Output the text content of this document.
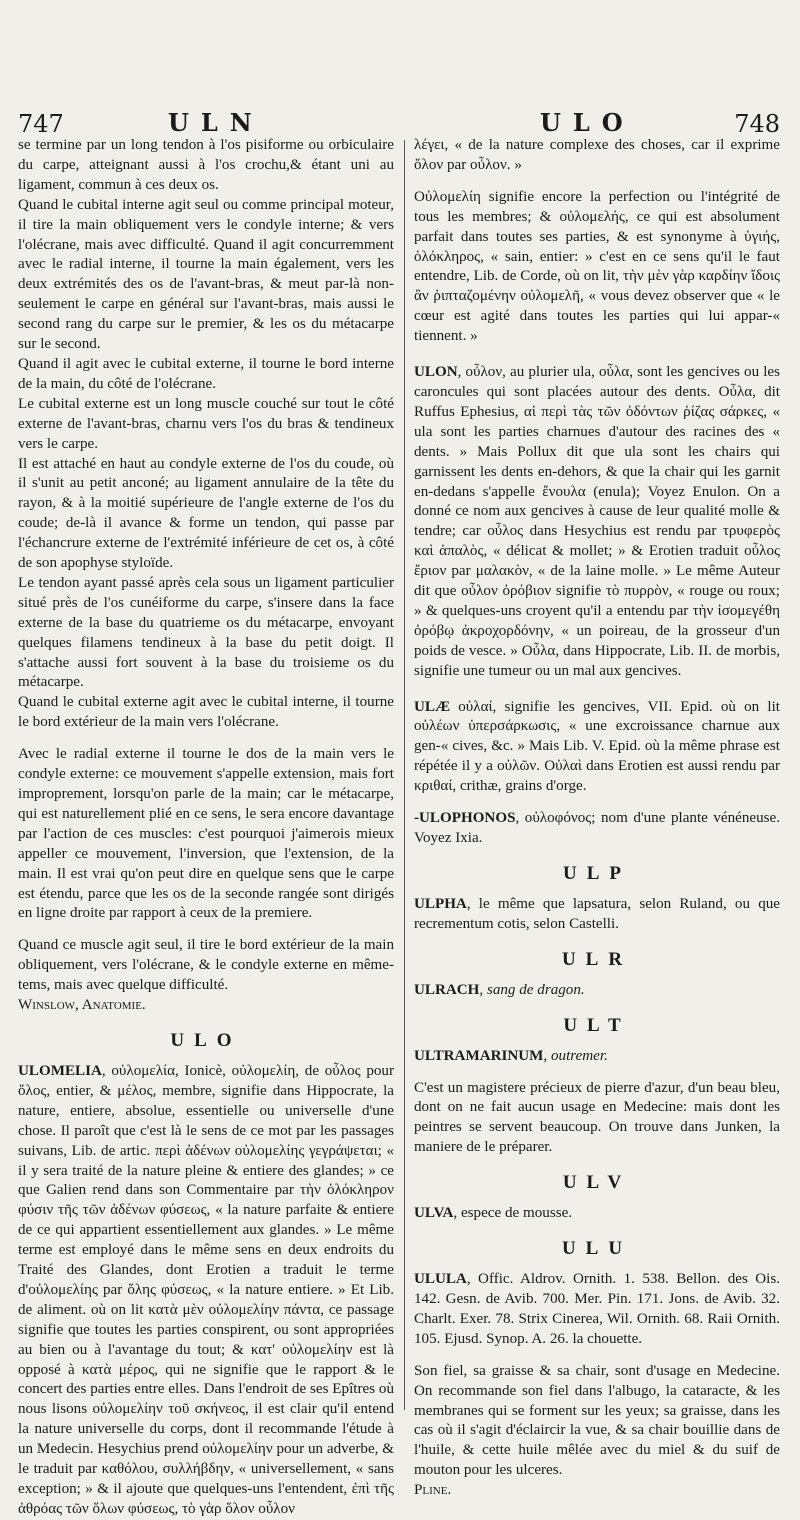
747	ULN	ULO	748

se termine par un long tendon à l'os pisiforme ou orbiculaire du carpe, atteignant aussi à l'os crochu,& étant uni au ligament, commun à ces deux os.

Quand le cubital interne agit seul ou comme principal moteur, il tire la main obliquement vers le condyle interne; & vers l'olécrane, mais avec difficulté. Quand il agit concurremment avec le radial interne, il tourne la main également, vers les deux extrémités des os de l'avant-bras, & meut par-là non-seulement le carpe en général sur l'avant-bras, mais aussi le second rang du carpe sur le premier, & les os du métacarpe sur le second.

Quand il agit avec le cubital externe, il tourne le bord interne de la main, du côté de l'olécrane.

Le cubital externe est un long muscle couché sur tout le côté externe de l'avant-bras, charnu vers l'os du bras & tendineux vers le carpe.

Il est attaché en haut au condyle externe de l'os du coude, où il s'unit au petit anconé; au ligament annulaire de la tête du rayon, & à la moitié supérieure de l'angle externe de l'os du coude; de-là il avance & forme un tendon, qui passe par l'échancrure externe de l'extrémité inférieure de cet os, à côté de son apophyse styloïde.

Le tendon ayant passé après cela sous un ligament particulier situé près de l'os cunéiforme du carpe, s'insere dans la face externe de la base du quatrieme os du métacarpe, envoyant quelques filamens tendineux à la base du petit doigt. Il s'attache aussi fort souvent à la base du troisieme os du métacarpe.

Quand le cubital externe agit avec le cubital interne, il tourne le bord extérieur de la main vers l'olécrane.

Avec le radial externe il tourne le dos de la main vers le condyle externe: ce mouvement s'appelle extension, mais fort improprement, lorsqu'on parle de la main; car le métacarpe, qui est naturellement plié en ce sens, le sera encore davantage par l'action de ces muscles: c'est pourquoi j'aimerois mieux appeller ce mouvement, l'inversion, que l'extension, de la main. Il est vrai qu'on peut dire en quelque sens que le carpe est étendu, parce que les os de la seconde rangée sont dirigés en ligne droite par rapport à ceux de la premiere.

Quand ce muscle agit seul, il tire le bord extérieur de la main obliquement, vers l'olécrane, & le condyle externe en même-tems, mais avec quelque difficulté.

Winslow, Anatomie.

ULO

ULOMELIA, οὐλομελία, Ionicè, οὐλομελίη, de οὖλος pour ὅλος, entier, & μέλος, membre, signifie dans Hippocrate, la nature, entiere, absolue, essentielle ou universelle d'une chose. Il paroît que c'est là le sens de ce mot par les passages suivans, Lib. de artic. περὶ ἀδένων οὐλομελίης γεγράψεται; « il y sera traité de la nature pleine & entiere des glandes; » ce que Galien rend dans son Commentaire par τὴν ὁλόκληρον φύσιν τῆς τῶν ἀδένων φύσεως, « la nature parfaite & entiere de ce qui appartient essentiellement aux glandes. » Le même terme est employé dans le même sens en deux endroits du Traité des Glandes, dont Erotien a traduit le terme d'οὐλομελίης par ὅλης φύσεως, « la nature entiere. » Et Lib. de aliment. où on lit κατὰ μὲν οὐλομελίην πάντα, ce passage signifie que toutes les parties conspirent, ou sont appropriées au bien ou à l'avantage du tout; & κατ' οὐλομελίην est là opposé à κατὰ μέρος, qui ne signifie que le rapport & le concert des parties entre elles. Dans l'endroit de ses Epîtres où nous lisons οὐλομελίην τοῦ σκήνεος, il est clair qu'il entend la nature universelle du corps, dont il recommande l'étude à un Medecin. Hesychius prend οὐλομελίην pour un adverbe, & le traduit par καθόλου, συλλήβδην, « universellement, « sans exception; » & il ajoute que quelques-uns l'entendent, ἐπὶ τῆς ἀθρόας τῶν ὅλων φύσεως, τὸ γὰρ ὅλον οὖλον

λέγει, « de la nature complexe des choses, car il exprime ὅλον par οὖλον. »

Οὐλομελίη signifie encore la perfection ou l'intégrité de tous les membres; & οὐλομελής, ce qui est absolument parfait dans toutes ses parties, & est synonyme à ὑγιής, ὁλόκληρος, « sain, entier: » c'est en ce sens qu'il le faut entendre, Lib. de Corde, où on lit, τὴν μὲν γὰρ καρδίην ἴδοις ἂν ῥιπταζομένην οὐλομελῆ, « vous devez observer que « le cœur est agité dans toutes les parties qui lui appar-« tiennent. »

ULON, οὖλον, au plurier ula, οὖλα, sont les gencives ou les caroncules qui sont placées autour des dents. Οὖλα, dit Ruffus Ephesius, αἱ περὶ τὰς τῶν ὀδόντων ῥίζας σάρκες, « ula sont les parties charnues d'autour des racines des « dents. » Mais Pollux dit que ula sont les chairs qui garnissent les dents en-dehors, & que la chair qui les garnit en-dedans s'appelle ἔνουλα (enula); Voyez Enulon. On a donné ce nom aux gencives à cause de leur qualité molle & tendre; car οὖλος dans Hesychius est rendu par τρυφερὸς καὶ ἁπαλὸς, « délicat & mollet; » & Erotien traduit οὖλος ἔριον par μαλακὸν, « de la laine molle. » Le même Auteur dit que οὖλον ὀρόβιον signifie τὸ πυρρὸν, « rouge ou roux; » & quelques-uns croyent qu'il a entendu par τὴν ἰσομεγέθη ὀρόβῳ ἀκροχορδόνην, « un poireau, de la grosseur d'un poids de vesce. » Οὖλα, dans Hippocrate, Lib. II. de morbis, signifie une tumeur ou un mal aux gencives.

ULÆ οὐλαί, signifie les gencives, VII. Epid. où on lit οὐλέων ὑπερσάρκωσις, « une excroissance charnue aux gen-« cives, &c. » Mais Lib. V. Epid. où la même phrase est répétée il y a οὐλῶν. Οὐλαὶ dans Erotien est aussi rendu par κριθαί, crithæ, grains d'orge.

-ULOPHONOS, οὐλοφόνος; nom d'une plante vénéneuse. Voyez Ixia.

ULP

ULPHA, le même que lapsatura, selon Ruland, ou que recrementum cotis, selon Castelli.

ULR

ULRACH, sang de dragon.

ULT

ULTRAMARINUM, outremer.

C'est un magistere précieux de pierre d'azur, d'un beau bleu, dont on ne fait aucun usage en Medecine: mais dont les peintres se servent beaucoup. On trouve dans Junken, la maniere de le préparer.

ULV

ULVA, espece de mousse.

ULU

ULULA, Offic. Aldrov. Ornith. 1. 538. Bellon. des Ois. 142. Gesn. de Avib. 700. Mer. Pin. 171. Jons. de Avib. 32. Charlt. Exer. 78. Strix Cinerea, Wil. Ornith. 68. Raii Ornith. 105. Ejusd. Synop. A. 26. la chouette.

Son fiel, sa graisse & sa chair, sont d'usage en Medecine. On recommande son fiel dans l'albugo, la cataracte, & les membranes qui se forment sur les yeux; sa graisse, dans les cas où il s'agit d'éclaircir la vue, & sa chair bouillie dans de l'huile, & cette huile mêlée avec du miel & du suif de mouton pour les ulceres.

Pline.
